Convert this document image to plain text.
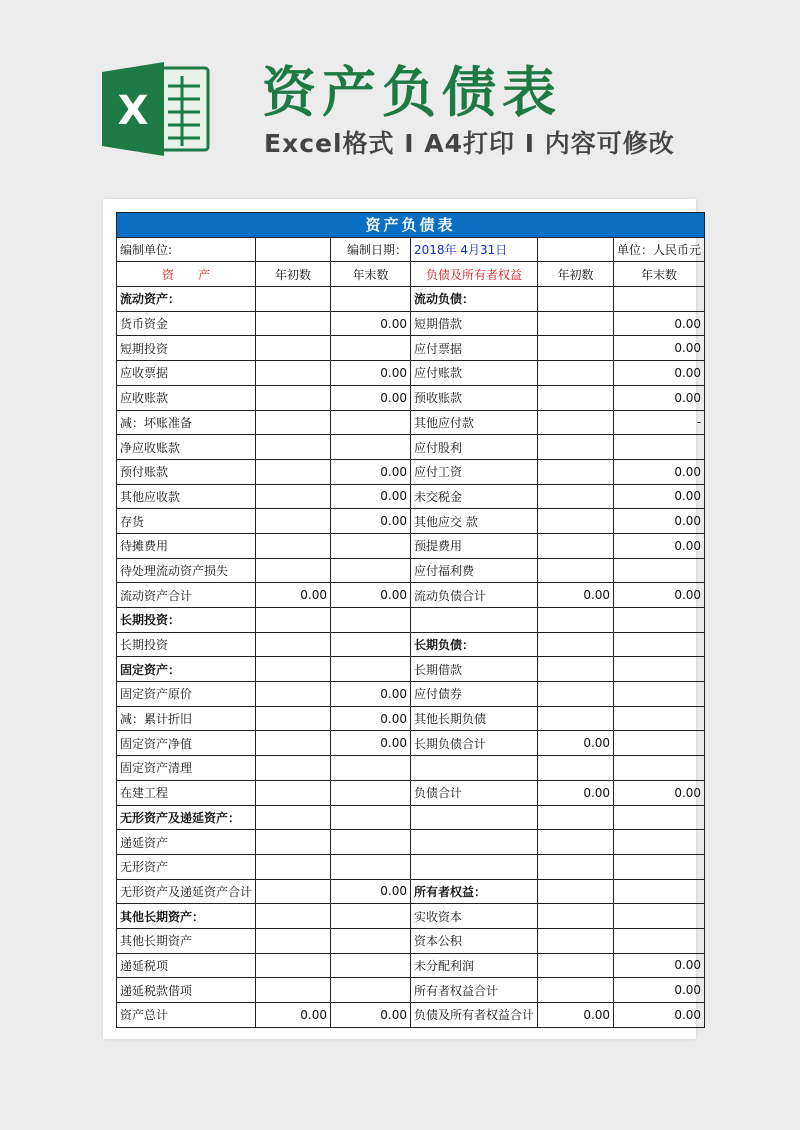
X 资产负债表
Excel格式 I A4打印 I 内容可修改
资产负债表					
编制单位:		编制日期：	2018年 4月31日		单位：人民币元
资　　产	年初数	年末数	负债及所有者权益	年初数	年末数
流动资产：			流动负债：		
货币资金		0.00	短期借款		0.00
短期投资			应付票据		0.00
应收票据		0.00	应付账款		0.00
应收账款		0.00	预收账款		0.00
减：坏账准备			其他应付款		-
净应收账款			应付股利		
预付账款		0.00	应付工资		0.00
其他应收款		0.00	未交税金		0.00
存货		0.00	其他应交 款		0.00
待摊费用			预提费用		0.00
待处理流动资产损失			应付福利费		
流动资产合计	0.00	0.00	流动负债合计	0.00	0.00
长期投资：					
长期投资			长期负债：		
固定资产：			长期借款		
固定资产原价		0.00	应付债券		
减：累计折旧		0.00	其他长期负债		
固定资产净值		0.00	长期负债合计	0.00	
固定资产清理					
在建工程			负债合计	0.00	0.00
无形资产及递延资产：					
递延资产					
无形资产					
无形资产及递延资产合计		0.00	所有者权益：		
其他长期资产：			实收资本		
其他长期资产			资本公积		
递延税项			未分配利润		0.00
递延税款借项			所有者权益合计		0.00
资产总计	0.00	0.00	负债及所有者权益合计	0.00	0.00
